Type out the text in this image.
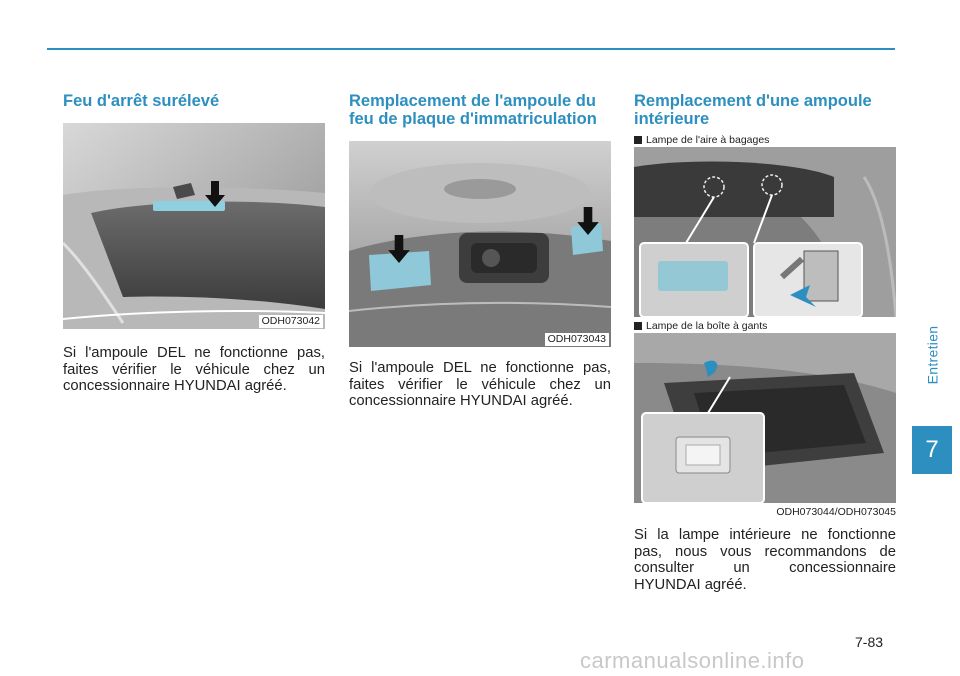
Feu d'arrêt surélevé
ODH073042

Si l'ampoule DEL ne fonctionne pas, faites vérifier le véhicule chez un concessionnaire HYUNDAI agréé.

Remplacement de l'ampoule du feu de plaque d'immatriculation
ODH073043

Si l'ampoule DEL ne fonctionne pas, faites vérifier le véhicule chez un concessionnaire HYUNDAI agréé.

Remplacement d'une ampoule intérieure
Lampe de l'aire à bagages
Lampe de la boîte à gants
ODH073044/ODH073045

Si la lampe intérieure ne fonctionne pas, nous vous recommandons de consulter un concessionnaire HYUNDAI agréé.

Entretien
7
7-83
carmanualsonline.info
